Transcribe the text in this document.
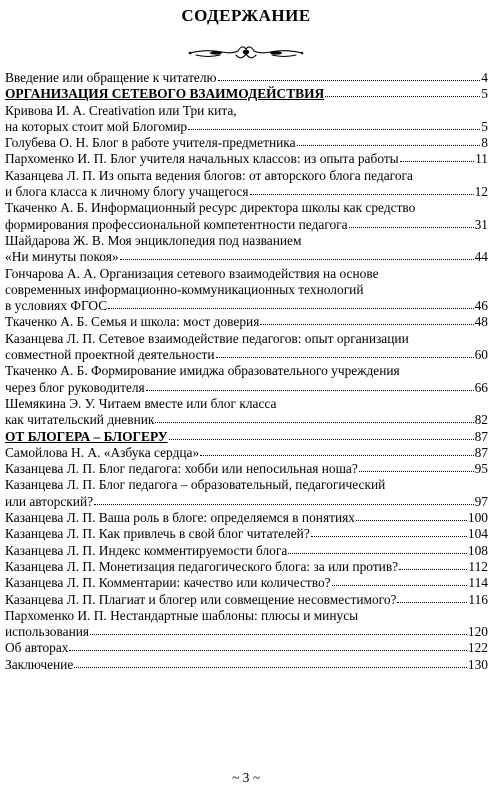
СОДЕРЖАНИЕ
Введение или обращение к читателю	4
ОРГАНИЗАЦИЯ СЕТЕВОГО ВЗАИМОДЕЙСТВИЯ	5
Кривова И. А. Creativation или Три кита,
на которых стоит мой Блогомир	5
Голубева О. Н. Блог в работе учителя-предметника	8
Пархоменко И. П. Блог учителя начальных классов: из опыта работы	11
Казанцева Л. П. Из опыта ведения блогов: от авторского блога педагога
и блога класса к личному блогу учащегося	12
Ткаченко А. Б. Информационный ресурс директора школы как средство
формирования профессиональной компетентности педагога	31
Шайдарова Ж. В. Моя энциклопедия под названием
«Ни минуты покоя»	44
Гончарова А. А. Организация сетевого взаимодействия на основе
современных информационно-коммуникационных технологий
в условиях ФГОС	46
Ткаченко А. Б. Семья и школа: мост доверия	48
Казанцева Л. П. Сетевое взаимодействие педагогов: опыт организации
совместной проектной деятельности	60
Ткаченко А. Б. Формирование имиджа образовательного учреждения
через блог руководителя	66
Шемякина Э. У. Читаем вместе или блог класса
как читательский дневник	82
ОТ БЛОГЕРА – БЛОГЕРУ	87
Самойлова Н. А. «Азбука сердца»	87
Казанцева Л. П. Блог педагога: хобби или непосильная ноша?	95
Казанцева Л. П. Блог педагога – образовательный, педагогический
или авторский?	97
Казанцева Л. П. Ваша роль в блоге: определяемся в понятиях	100
Казанцева Л. П. Как привлечь в свой блог читателей?	104
Казанцева Л. П. Индекс комментируемости блога	108
Казанцева Л. П. Монетизация педагогического блога: за или против?	112
Казанцева Л. П. Комментарии: качество или количество?	114
Казанцева Л. П. Плагиат и блогер или совмещение несовместимого?	116
Пархоменко И. П. Нестандартные шаблоны: плюсы и минусы
использования	120
Об авторах	122
Заключение	130
~ 3 ~
